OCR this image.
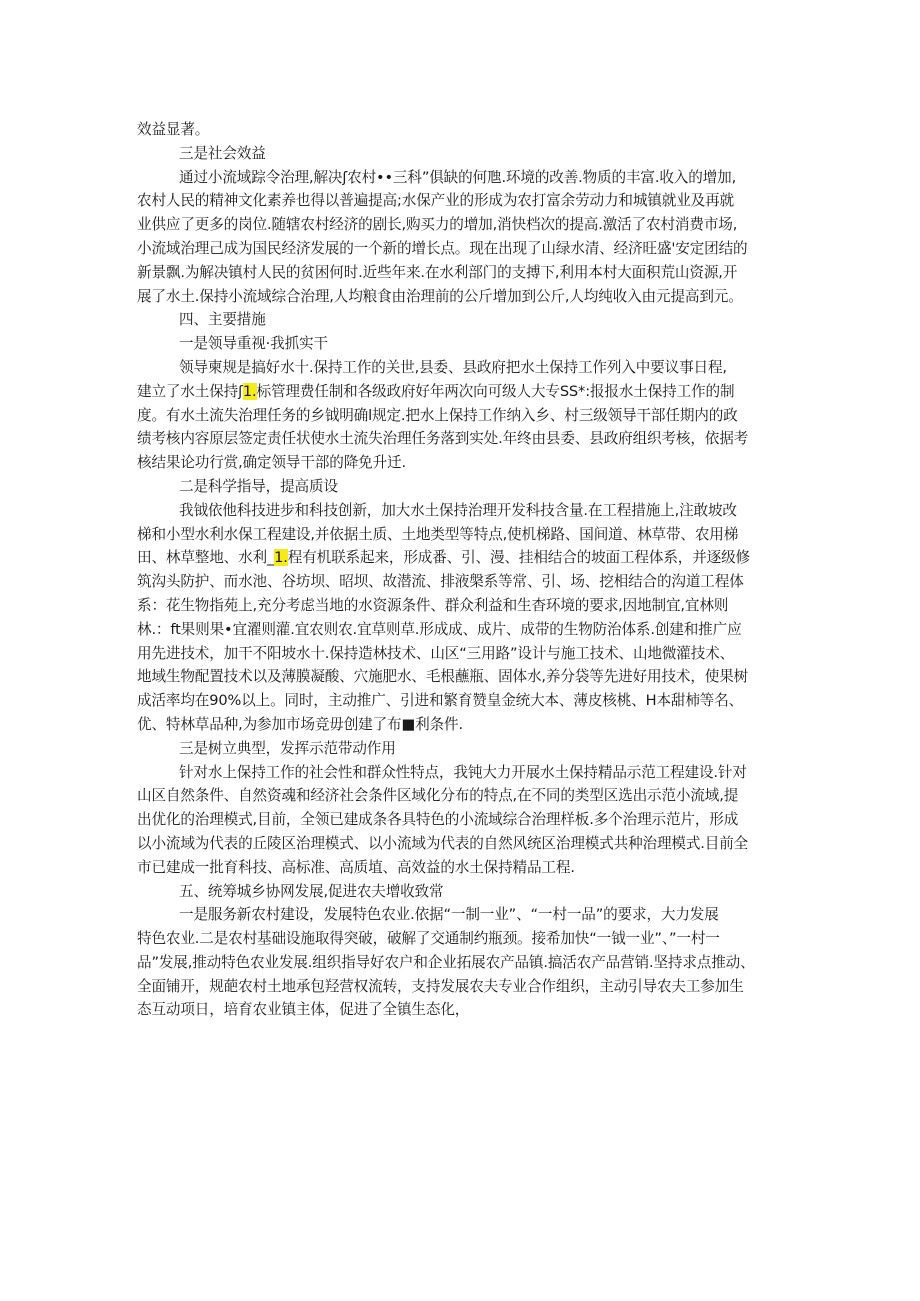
效益显著。
三是社会效益
通过小流域踪令治理,解决ʃ农村••三科”俱缺的何虺.环境的改善.物质的丰富.收入的增加,
农村人民的精神文化素养也得以普遍提高;水保产业的形成为农打富余劳动力和城镇就业及再就
业供应了更多的岗位.随辖农村经济的剧长,购买力的增加,消快档次的提高.激活了农村消费市场,
小流域治理己成为国民经济发展的一个新的增长点。现在出现了山绿水清、经济旺盛'安定团结的
新景飘.为解决镇村人民的贫困何时.近些年来.在水利部门的支搏下,利用本村大面积荒山资源,开
展了水土.保持小流域综合治理,人均粮食由治理前的公斤增加到公斤,人均纯收入由元提高到元。
四、主要措施
一是领导重视·我抓实干
领导柬规是搞好水十.保持工作的关世,县委、县政府把水土保持工作列入中要议事日程,
建立了水土保持ʃ1.标管理费任制和各级政府好年两次向可级人大专SS*:报报水土保持工作的制
度。有水土流失治理任务的乡钺明确l规定.把水上保持工作纳入乡、村三级领导干部任期内的政
绩考核内容原层签定责任状使水土流失治理任务落到实处.年终由县委、县政府组织考核，依据考
核结果论功行赏,确定领导干部的降免升迁.
二是科学指导，提高质设
我钺依他科技进步和科技创新，加大水土保持治理开发科技含量.在工程措施上,注敢坡改
梯和小型水利水保工程建设,并依据土质、土地类型等特点,使机梯路、国间道、林草带、农用梯
田、林草整地、水利_1.程有机联系起来，形成番、引、漫、挂相结合的坡面工程体系，并逐级修
筑沟头防护、而水池、谷坊坝、昭坝、故潜流、排液槃系等常、引、场、挖相结合的沟道工程体
系：花生物指苑上,充分考虑当地的水资源条件、群众利益和生杳环境的要求,因地制宜,宜林则
林.：ft果则果•宜濯则灌.宜农则农.宜草则草.形成成、成片、成带的生物防治体系.创建和推广应
用先进技术，加干不阳坡水十.保持造林技术、山区“三用路”设计与施工技术、山地微灌技术、
地域生物配置技术以及薄膜凝酸、穴施肥水、毛根蘸瓶、固体水,养分袋等先进好用技术，使果树
成活率均在90%以上。同时，主动推广、引进和繁育赞皇金统大本、薄皮核桃、H本甜柿等名、
优、特林草品种,为参加市场竞毋创建了布■利条件.
三是树立典型，发挥示范带动作用
针对水上保持工作的社会性和群众性特点，我钝大力开展水土保持精品示范工程建设.针对
山区自然条件、自然资魂和经济社会条件区域化分布的特点,在不同的类型区选出示范小流域,提
出优化的治理模式,目前，全领已建成条各具特色的小流域综合治理样板.多个治理示范片，形成
以小流域为代表的丘陵区治理模式、以小流域为代表的自然风统区治理模式共种治理模式.目前全
市已建成一批育科技、高标准、高质埴、高效益的水土保持精品工程.
五、统筹城乡协网发展,促进农夫增收致常
一是服务新农村建设，发展特色农业.依据“一制一业”、“一村一品”的要求，大力发展
特色农业.二是农村基础设施取得突破，破解了交通制约瓶颈。接希加快“一钺一业”、”一村一
品”发展,推动特色农业发展.组织指导好农户和企业拓展农产品镇.搞活农产品营销.坚持求点推动、
全面铺开，规葩农村土地承包羟营权流转，支持发展农夫专业合作组织，主动引导农夫工参加生
态互动项日，培育农业镇主体，促进了全镇生态化，
